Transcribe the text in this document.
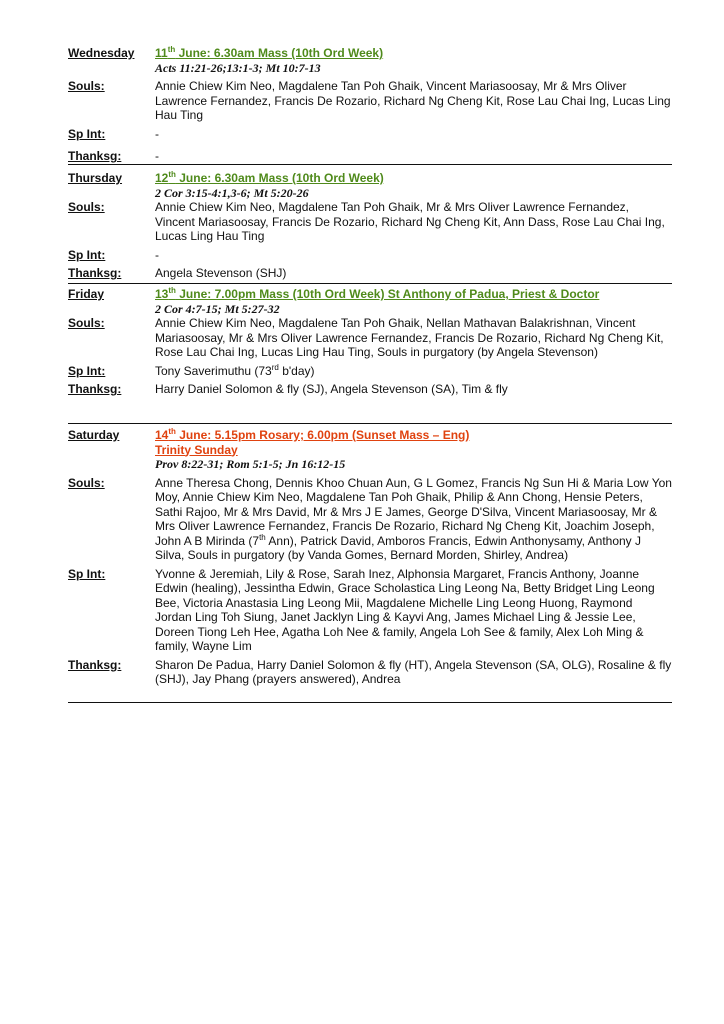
Wednesday	11th June: 6.30am Mass (10th Ord Week)
Acts 11:21-26;13:1-3; Mt 10:7-13
Souls:	Annie Chiew Kim Neo, Magdalene Tan Poh Ghaik, Vincent Mariasoosay, Mr & Mrs Oliver Lawrence Fernandez, Francis De Rozario, Richard Ng Cheng Kit, Rose Lau Chai Ing, Lucas Ling Hau Ting
Sp Int:	-
Thanksg:	-
Thursday	12th June: 6.30am Mass (10th Ord Week)
2 Cor 3:15-4:1,3-6; Mt 5:20-26
Souls:	Annie Chiew Kim Neo, Magdalene Tan Poh Ghaik, Mr & Mrs Oliver Lawrence Fernandez, Vincent Mariasoosay, Francis De Rozario, Richard Ng Cheng Kit, Ann Dass, Rose Lau Chai Ing, Lucas Ling Hau Ting
Sp Int:	-
Thanksg:	Angela Stevenson (SHJ)
Friday	13th June: 7.00pm Mass (10th Ord Week) St Anthony of Padua, Priest & Doctor
2 Cor 4:7-15; Mt 5:27-32
Souls:	Annie Chiew Kim Neo, Magdalene Tan Poh Ghaik, Nellan Mathavan Balakrishnan, Vincent Mariasoosay, Mr & Mrs Oliver Lawrence Fernandez, Francis De Rozario, Richard Ng Cheng Kit, Rose Lau Chai Ing, Lucas Ling Hau Ting, Souls in purgatory (by Angela Stevenson)
Sp Int:	Tony Saverimuthu (73rd b'day)
Thanksg:	Harry Daniel Solomon & fly (SJ), Angela Stevenson (SA), Tim & fly
Saturday	14th June: 5.15pm Rosary; 6.00pm (Sunset Mass – Eng)
Trinity Sunday
Prov 8:22-31; Rom 5:1-5; Jn 16:12-15
Souls:	Anne Theresa Chong, Dennis Khoo Chuan Aun, G L Gomez, Francis Ng Sun Hi & Maria Low Yon Moy, Annie Chiew Kim Neo, Magdalene Tan Poh Ghaik, Philip & Ann Chong, Hensie Peters, Sathi Rajoo, Mr & Mrs David, Mr & Mrs J E James, George D'Silva, Vincent Mariasoosay, Mr & Mrs Oliver Lawrence Fernandez, Francis De Rozario, Richard Ng Cheng Kit, Joachim Joseph, John A B Mirinda (7th Ann), Patrick David, Amboros Francis, Edwin Anthonysamy, Anthony J Silva, Souls in purgatory (by Vanda Gomes, Bernard Morden, Shirley, Andrea)
Sp Int:	Yvonne & Jeremiah, Lily & Rose, Sarah Inez, Alphonsia Margaret, Francis Anthony, Joanne Edwin (healing), Jessintha Edwin, Grace Scholastica Ling Leong Na, Betty Bridget Ling Leong Bee, Victoria Anastasia Ling Leong Mii, Magdalene Michelle Ling Leong Huong, Raymond Jordan Ling Toh Siung, Janet Jacklyn Ling & Kayvi Ang, James Michael Ling & Jessie Lee, Doreen Tiong Leh Hee, Agatha Loh Nee & family, Angela Loh See & family, Alex Loh Ming & family, Wayne Lim
Thanksg:	Sharon De Padua, Harry Daniel Solomon & fly (HT), Angela Stevenson (SA, OLG), Rosaline & fly (SHJ), Jay Phang (prayers answered), Andrea
